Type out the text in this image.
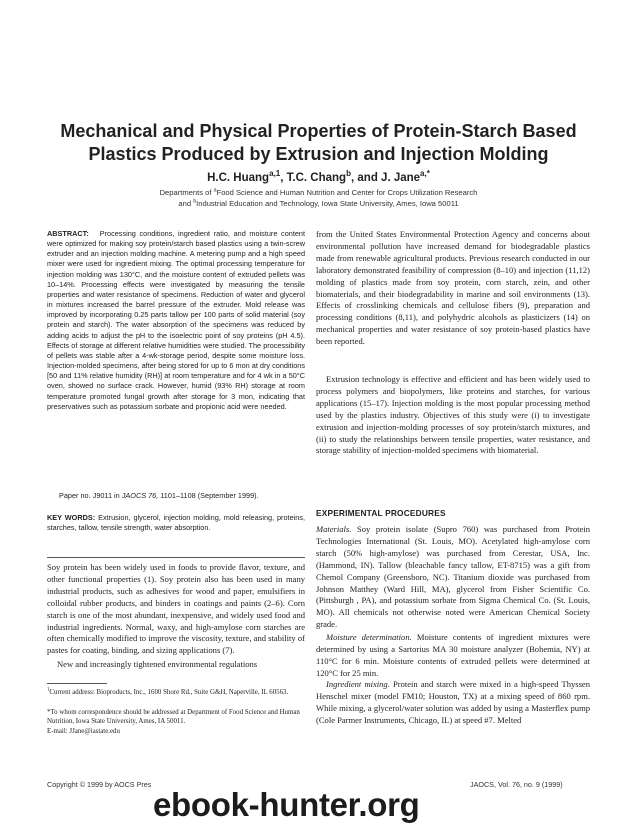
Mechanical and Physical Properties of Protein-Starch Based
Plastics Produced by Extrusion and Injection Molding
H.C. Huang$^{a,1}$, T.C. Chang$^b$, and J. Jane$^{a,*}$
Departments of $^a$Food Science and Human Nutrition and Center for Crops Utilization Research
and $^b$Industrial Education and Technology, Iowa State University, Ames, Iowa 50011

ABSTRACT: Processing conditions, ingredient ratio, and moisture content were optimized for making soy protein/starch based plastics using a twin-screw extruder and an injection molding machine. A metering pump and a high speed mixer were used for ingredient mixing. The optimal processing temperature for injection molding was 130°C, and the moisture content of extruded pellets was 10–14%. Processing effects were investigated by measuring the tensile properties and water resistance of specimens. Reduction of water and glycerol in mixtures increased the barrel pressure of the extruder. Mold release was improved by incorporating 0.25 parts tallow per 100 parts of solid material (soy protein and starch). The water absorption of the specimens was reduced by adding acids to adjust the pH to the isoelectric point of soy proteins (pH 4.5). Effects of storage at different relative humidities were studied. The processibility of pellets was stable after a 4-wk-storage period, despite some moisture loss. Injection-molded specimens, after being stored for up to 6 mon at dry conditions [50 and 11% relative humidity (RH)] at room temperature and for 4 wk in a 50°C oven, showed no surface crack. However, humid (93% RH) storage at room temperature promoted fungal growth after storage for 3 mon, indicating that preservatives such as potassium sorbate and propionic acid were needed.

Paper no. J9011 in JAOCS 76, 1101–1108 (September 1999).

KEY WORDS: Extrusion, glycerol, injection molding, mold releasing, proteins, starches, tallow, tensile strength, water absorption.

Soy protein has been widely used in foods to provide flavor, texture, and other functional properties (1). Soy protein also has been used in many industrial products, such as adhesives for wood and paper, emulsifiers in colloidal rubber products, and binders in coatings and paints (2–6). Corn starch is one of the most abundant, inexpensive, and widely used food and industrial ingredients. Normal, waxy, and high-amylose corn starches are often chemically modified to improve the viscosity, texture, and stability of pastes for coating, binding, and sizing applications (7).

New and increasingly tightened environmental regulations

$^1$Current address: Bioproducts, Inc., 1600 Shore Rd., Suite G&H, Naperville, IL 60563.

*To whom correspondence should be addressed at Department of Food Science and Human Nutrition, Iowa State University, Ames, IA 50011.

E-mail: JJane@iastate.edu

from the United States Environmental Protection Agency and concerns about environmental pollution have increased demand for biodegradable plastics made from renewable agricultural products. Previous research conducted in our laboratory demonstrated feasibility of compression (8–10) and injection (11,12) molding of plastics made from soy protein, corn starch, zein, and other biomaterials, and their biodegradability in marine and soil environments (13). Effects of crosslinking chemicals and cellulose fibers (9), preparation and processing conditions (8,11), and polyhydric alcohols as plasticizers (14) on mechanical properties and water resistance of soy protein-based plastics have been reported.

Extrusion technology is effective and efficient and has been widely used to process polymers and biopolymers, like proteins and starches, for various applications (15–17). Injection molding is the most popular processing method used by the plastics industry. Objectives of this study were (i) to investigate extrusion and injection-molding processes of soy protein/starch mixtures, and (ii) to study the relationships between tensile properties, water resistance, and storage stability of injection-molded specimens with biomaterial.

EXPERIMENTAL PROCEDURES

Materials. Soy protein isolate (Supro 760) was purchased from Protein Technologies International (St. Louis, MO). Acetylated high-amylose corn starch (50% high-amylose) was purchased from Cerestar, USA, Inc. (Hammond, IN). Tallow (bleachable fancy tallow, ET-8715) was a gift from Chemol Company (Greensboro, NC). Titanium dioxide was purchased from Johnson Matthey (Ward Hill, MA), glycerol from Fisher Scientific Co. (Pittsburgh , PA), and potassium sorbate from Sigma Chemical Co. (St. Louis, MO). All chemicals not otherwise noted were American Chemical Society grade.

Moisture determination. Moisture contents of ingredient mixtures were determined by using a Sartorius MA 30 moisture analyzer (Bohemia, NY) at 110°C for 6 min. Moisture contents of extruded pellets were determined at 120°C for 25 min.

Ingredient mixing. Protein and starch were mixed in a high-speed Thyssen Henschel mixer (model FM10; Houston, TX) at a mixing speed of 860 rpm. While mixing, a glycerol/water solution was added by using a Masterflex pump (Cole Parmer Instruments, Chicago, IL) at speed #7. Melted

Copyright © 1999 by AOCS Pres	JAOCS, Vol. 76, no. 9 (1999)
ebook-hunter.org
